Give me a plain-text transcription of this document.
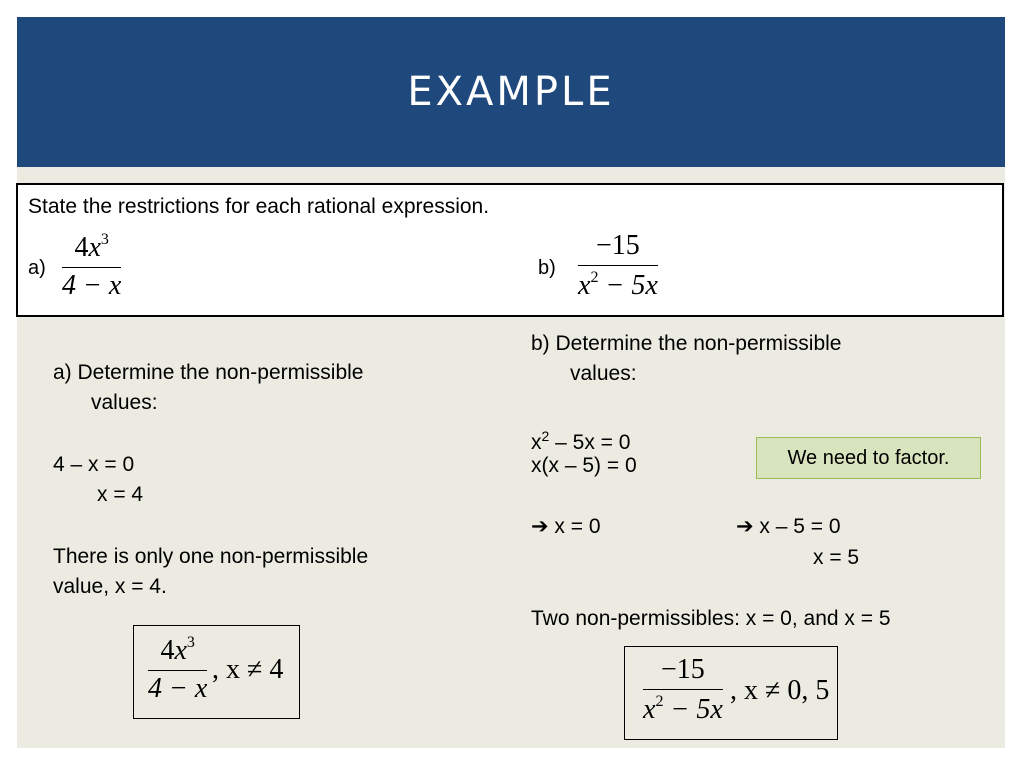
EXAMPLE
State the restrictions for each rational expression.
a)
$4x^3$
4 − x
b)
−15
$x^2 - 5x$
a) Determine the non-permissible
values:
4 – x = 0
x = 4
There is only one non-permissible
value, x = 4.
$4x^3$
4 − x
, x ≠ 4
b) Determine the non-permissible
values:
$x^2 - 5x = 0$
x(x – 5) = 0	We need to factor.
➔ x = 0	➔ x – 5 = 0
x = 5
Two non-permissibles: x = 0, and x = 5
−15
$x^2 - 5x$
, x ≠ 0, 5
